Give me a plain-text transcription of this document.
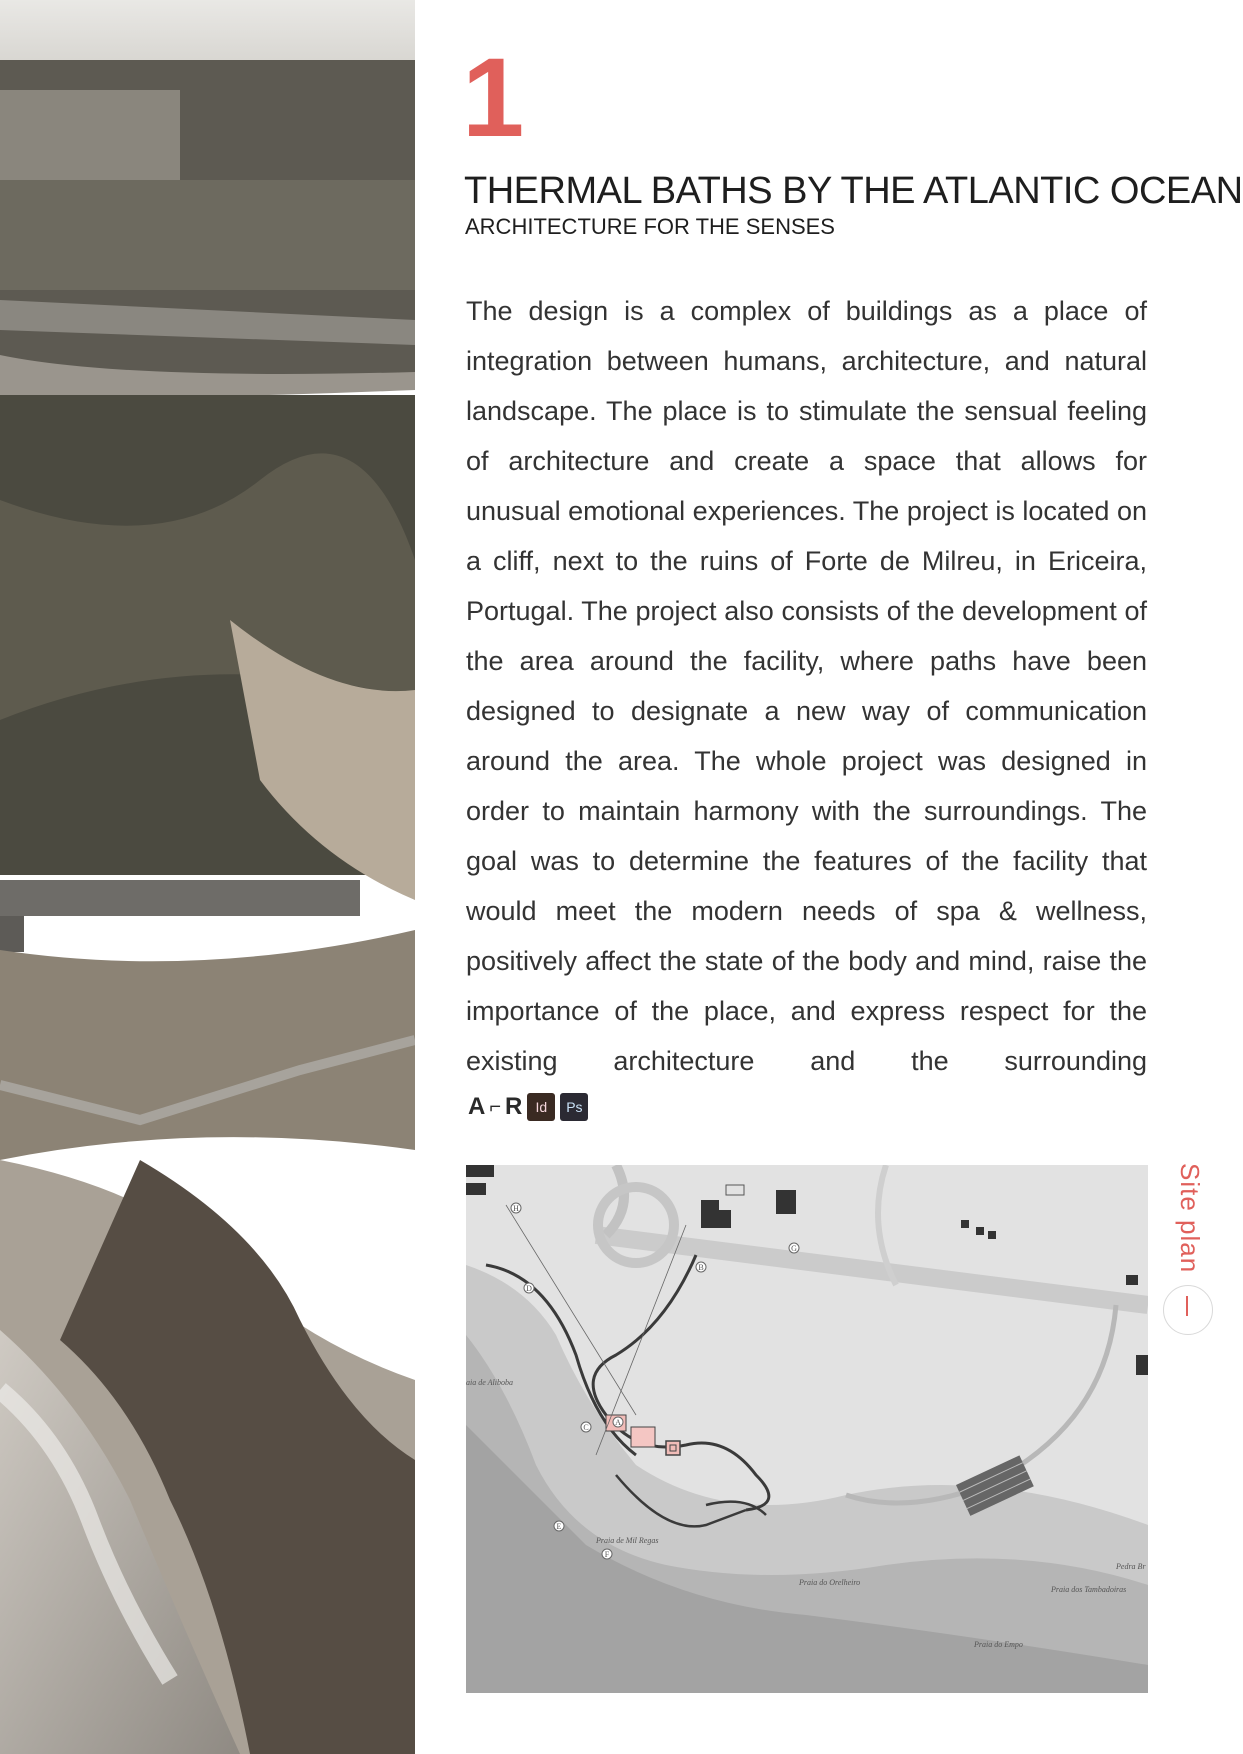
1
THERMAL BATHS BY THE ATLANTIC OCEAN
ARCHITECTURE FOR THE SENSES
The design is a complex of buildings as a place of integration between humans, architecture, and natural landscape. The place is to stimulate the sensual feeling of architecture and create a space that allows for unusual emotional experiences. The project is located on a cliff, next to the ruins of Forte de Milreu, in Ericeira, Portugal. The project also consists of the development of the area around the facility, where paths have been designed to designate a new way of communication around the area. The whole project was designed in order to maintain harmony with the surroundings. The goal was to determine the features of the facility that would meet the modern needs of spa & wellness, positively affect the state of the body and mind, raise the importance of the place, and express respect for the existing architecture and the surrounding
A ⌐ R Id	Ps
H
G
B
D
C
A
E
F
aia de Aliboba
Praia de Mil Regas
Praia do Orelheiro
Praia dos Tambadoiras
Praia do Empo
Pedra Br
Site plan
